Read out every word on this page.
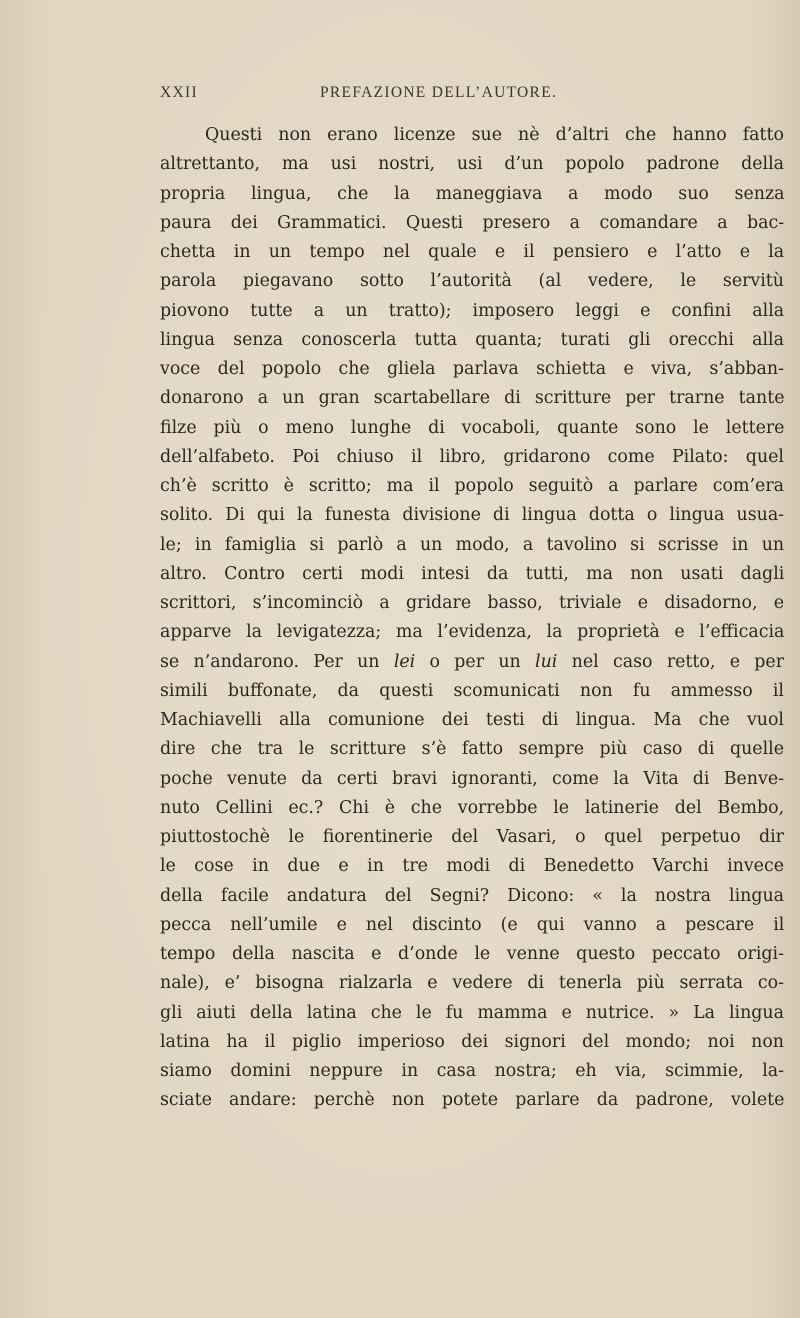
XXII	PREFAZIONE DELL’AUTORE.
Questi non erano licenze sue nè d’altri che hanno fatto
altrettanto, ma usi nostri, usi d’un popolo padrone della
propria lingua, che la maneggiava a modo suo senza
paura dei Grammatici. Questi presero a comandare a bac-
chetta in un tempo nel quale e il pensiero e l’atto e la
parola piegavano sotto l’autorità (al vedere, le servitù
piovono tutte a un tratto); imposero leggi e confini alla
lingua senza conoscerla tutta quanta; turati gli orecchi alla
voce del popolo che gliela parlava schietta e viva, s’abban-
donarono a un gran scartabellare di scritture per trarne tante
filze più o meno lunghe di vocaboli, quante sono le lettere
dell’alfabeto. Poi chiuso il libro, gridarono come Pilato: quel
ch’è scritto è scritto; ma il popolo seguitò a parlare com’era
solito. Di qui la funesta divisione di lingua dotta o lingua usua-
le; in famiglia si parlò a un modo, a tavolino si scrisse in un
altro. Contro certi modi intesi da tutti, ma non usati dagli
scrittori, s’incominciò a gridare basso, triviale e disadorno, e
apparve la levigatezza; ma l’evidenza, la proprietà e l’efficacia
se n’andarono. Per un lei o per un lui nel caso retto, e per
simili buffonate, da questi scomunicati non fu ammesso il
Machiavelli alla comunione dei testi di lingua. Ma che vuol
dire che tra le scritture s’è fatto sempre più caso di quelle
poche venute da certi bravi ignoranti, come la Vita di Benve-
nuto Cellini ec.? Chi è che vorrebbe le latinerie del Bembo,
piuttostochè le fiorentinerie del Vasari, o quel perpetuo dir
le cose in due e in tre modi di Benedetto Varchi invece
della facile andatura del Segni? Dicono: « la nostra lingua
pecca nell’umile e nel discinto (e qui vanno a pescare il
tempo della nascita e d’onde le venne questo peccato origi-
nale), e’ bisogna rialzarla e vedere di tenerla più serrata co-
gli aiuti della latina che le fu mamma e nutrice. » La lingua
latina ha il piglio imperioso dei signori del mondo; noi non
siamo domini neppure in casa nostra; eh via, scimmie, la-
sciate andare: perchè non potete parlare da padrone, volete
